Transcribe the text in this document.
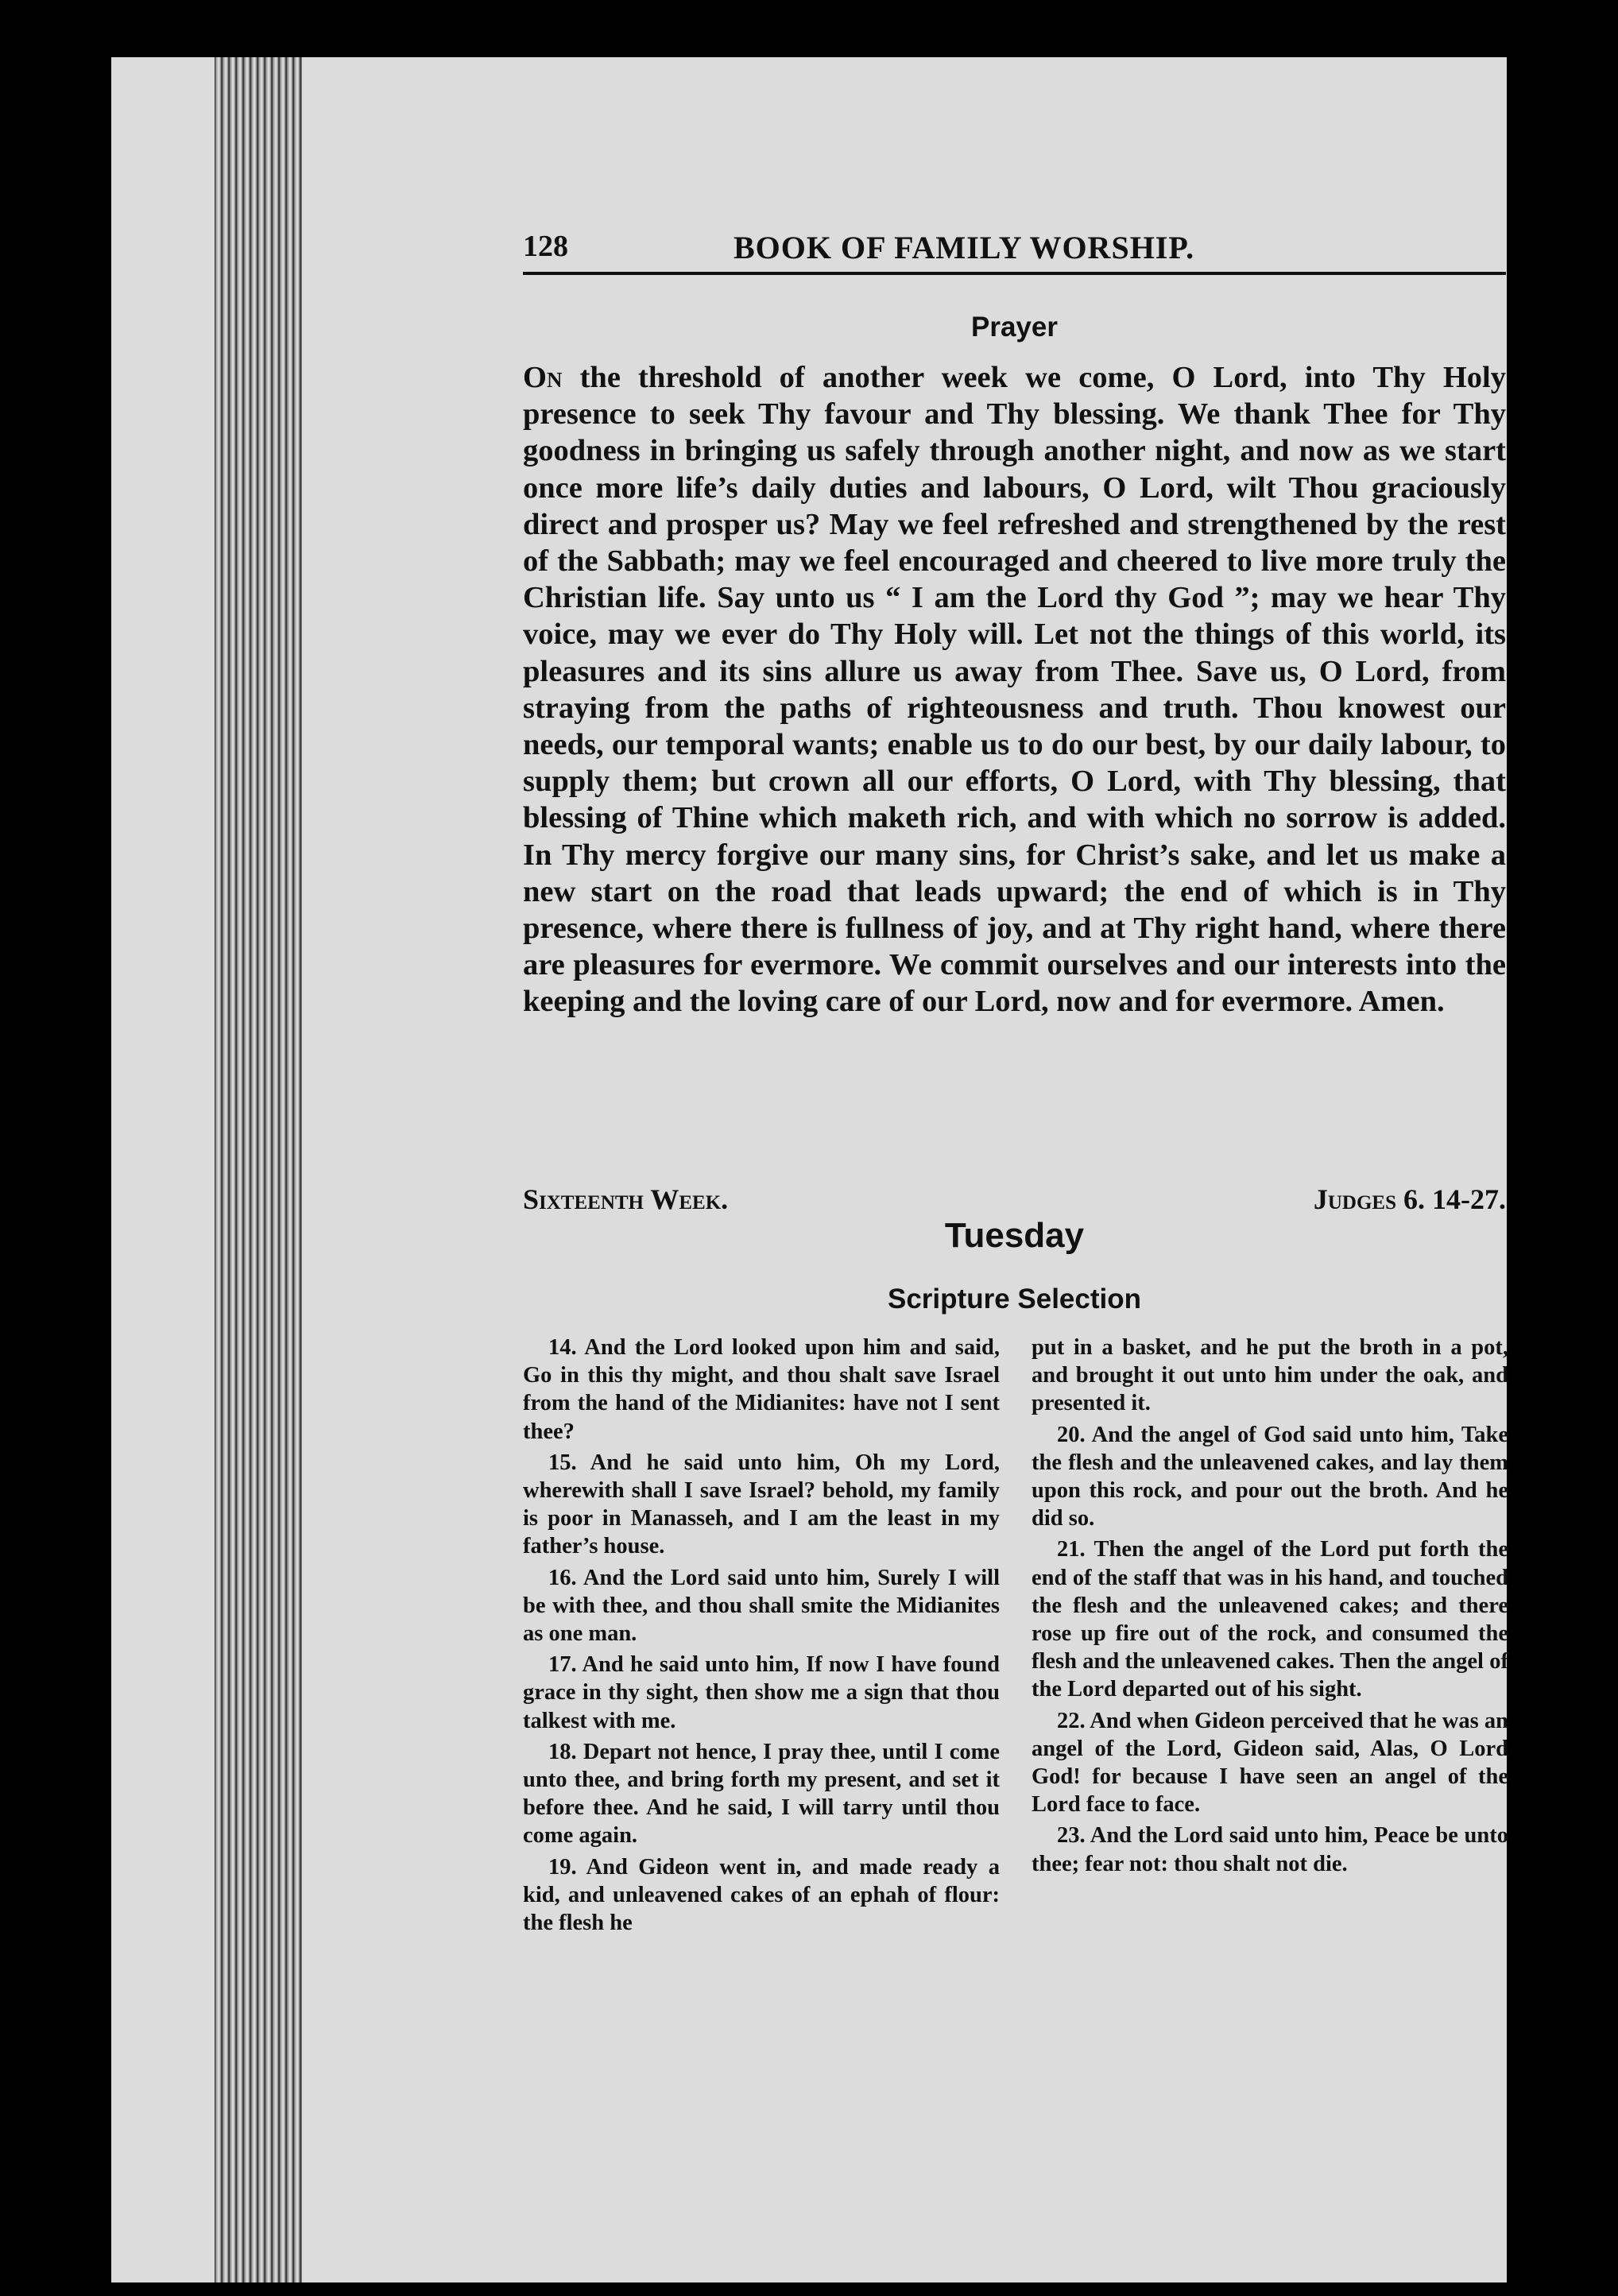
128	BOOK OF FAMILY WORSHIP.
Prayer

On the threshold of another week we come, O Lord, into Thy Holy presence to seek Thy favour and Thy blessing. We thank Thee for Thy goodness in bringing us safely through another night, and now as we start once more life’s daily duties and labours, O Lord, wilt Thou graciously direct and prosper us? May we feel refreshed and strengthened by the rest of the Sabbath; may we feel encouraged and cheered to live more truly the Christian life. Say unto us “ I am the Lord thy God ”; may we hear Thy voice, may we ever do Thy Holy will. Let not the things of this world, its pleasures and its sins allure us away from Thee. Save us, O Lord, from straying from the paths of righteousness and truth. Thou knowest our needs, our temporal wants; enable us to do our best, by our daily labour, to supply them; but crown all our efforts, O Lord, with Thy blessing, that blessing of Thine which maketh rich, and with which no sorrow is added. In Thy mercy forgive our many sins, for Christ’s sake, and let us make a new start on the road that leads upward; the end of which is in Thy presence, where there is fullness of joy, and at Thy right hand, where there are pleasures for evermore. We commit ourselves and our interests into the keeping and the loving care of our Lord, now and for evermore. Amen.

Sixteenth Week.	Judges 6. 14-27.
Tuesday
Scripture Selection

14. And the Lord looked upon him and said, Go in this thy might, and thou shalt save Israel from the hand of the Midianites: have not I sent thee?

15. And he said unto him, Oh my Lord, wherewith shall I save Israel? behold, my family is poor in Manasseh, and I am the least in my father’s house.

16. And the Lord said unto him, Surely I will be with thee, and thou shall smite the Midianites as one man.

17. And he said unto him, If now I have found grace in thy sight, then show me a sign that thou talkest with me.

18. Depart not hence, I pray thee, until I come unto thee, and bring forth my present, and set it before thee. And he said, I will tarry until thou come again.

19. And Gideon went in, and made ready a kid, and unleavened cakes of an ephah of flour: the flesh he

put in a basket, and he put the broth in a pot, and brought it out unto him under the oak, and presented it.

20. And the angel of God said unto him, Take the flesh and the unleavened cakes, and lay them upon this rock, and pour out the broth. And he did so.

21. Then the angel of the Lord put forth the end of the staff that was in his hand, and touched the flesh and the unleavened cakes; and there rose up fire out of the rock, and consumed the flesh and the unleavened cakes. Then the angel of the Lord departed out of his sight.

22. And when Gideon perceived that he was an angel of the Lord, Gideon said, Alas, O Lord God! for because I have seen an angel of the Lord face to face.

23. And the Lord said unto him, Peace be unto thee; fear not: thou shalt not die.
